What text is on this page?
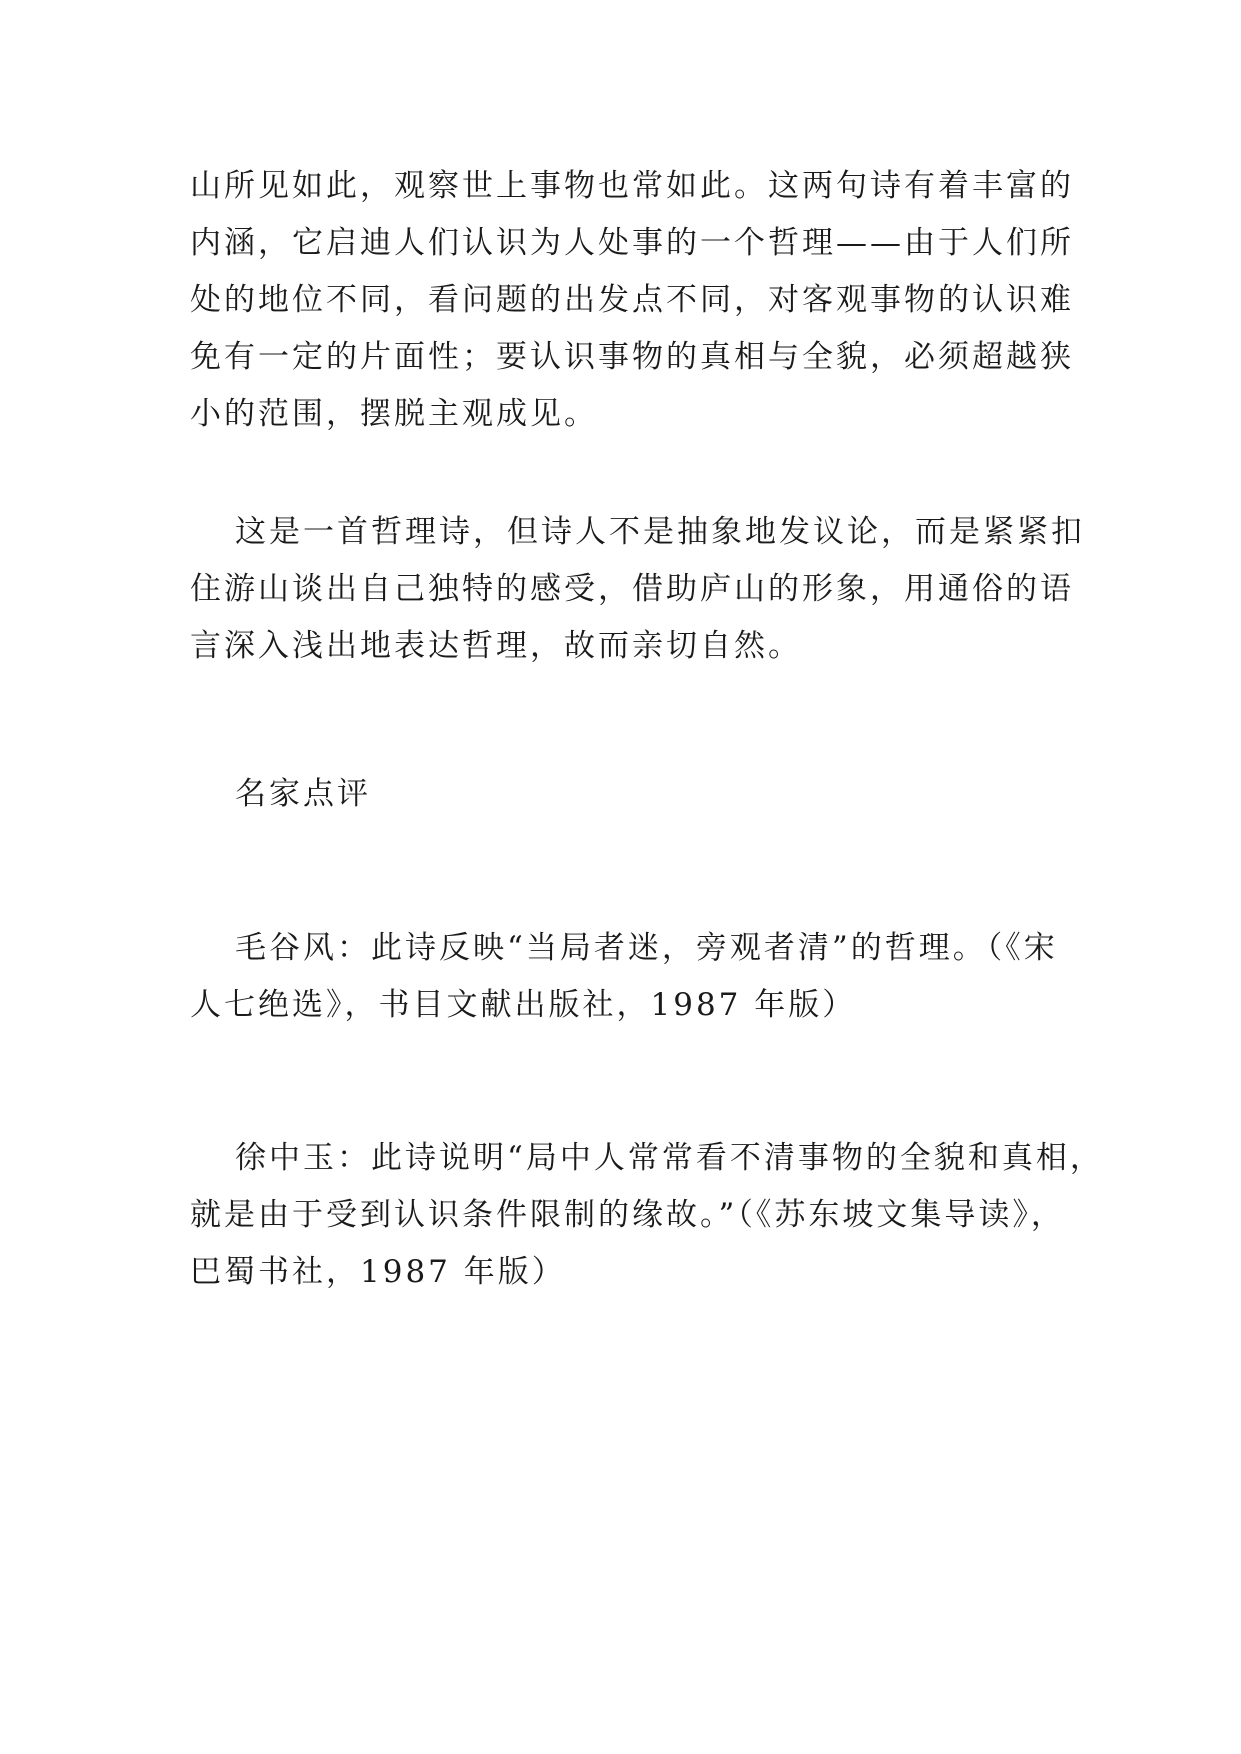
山所见如此，观察世上事物也常如此。这两句诗有着丰富的
内涵，它启迪人们认识为人处事的一个哲理——由于人们所
处的地位不同，看问题的出发点不同，对客观事物的认识难
免有一定的片面性；要认识事物的真相与全貌，必须超越狭
小的范围，摆脱主观成见。
这是一首哲理诗，但诗人不是抽象地发议论，而是紧紧扣
住游山谈出自己独特的感受，借助庐山的形象，用通俗的语
言深入浅出地表达哲理，故而亲切自然。
名家点评
毛谷风：此诗反映“当局者迷，旁观者清”的哲理。（《宋
人七绝选》，书目文献出版社，1987 年版）
徐中玉：此诗说明“局中人常常看不清事物的全貌和真相，
就是由于受到认识条件限制的缘故。”（《苏东坡文集导读》，
巴蜀书社，1987 年版）
